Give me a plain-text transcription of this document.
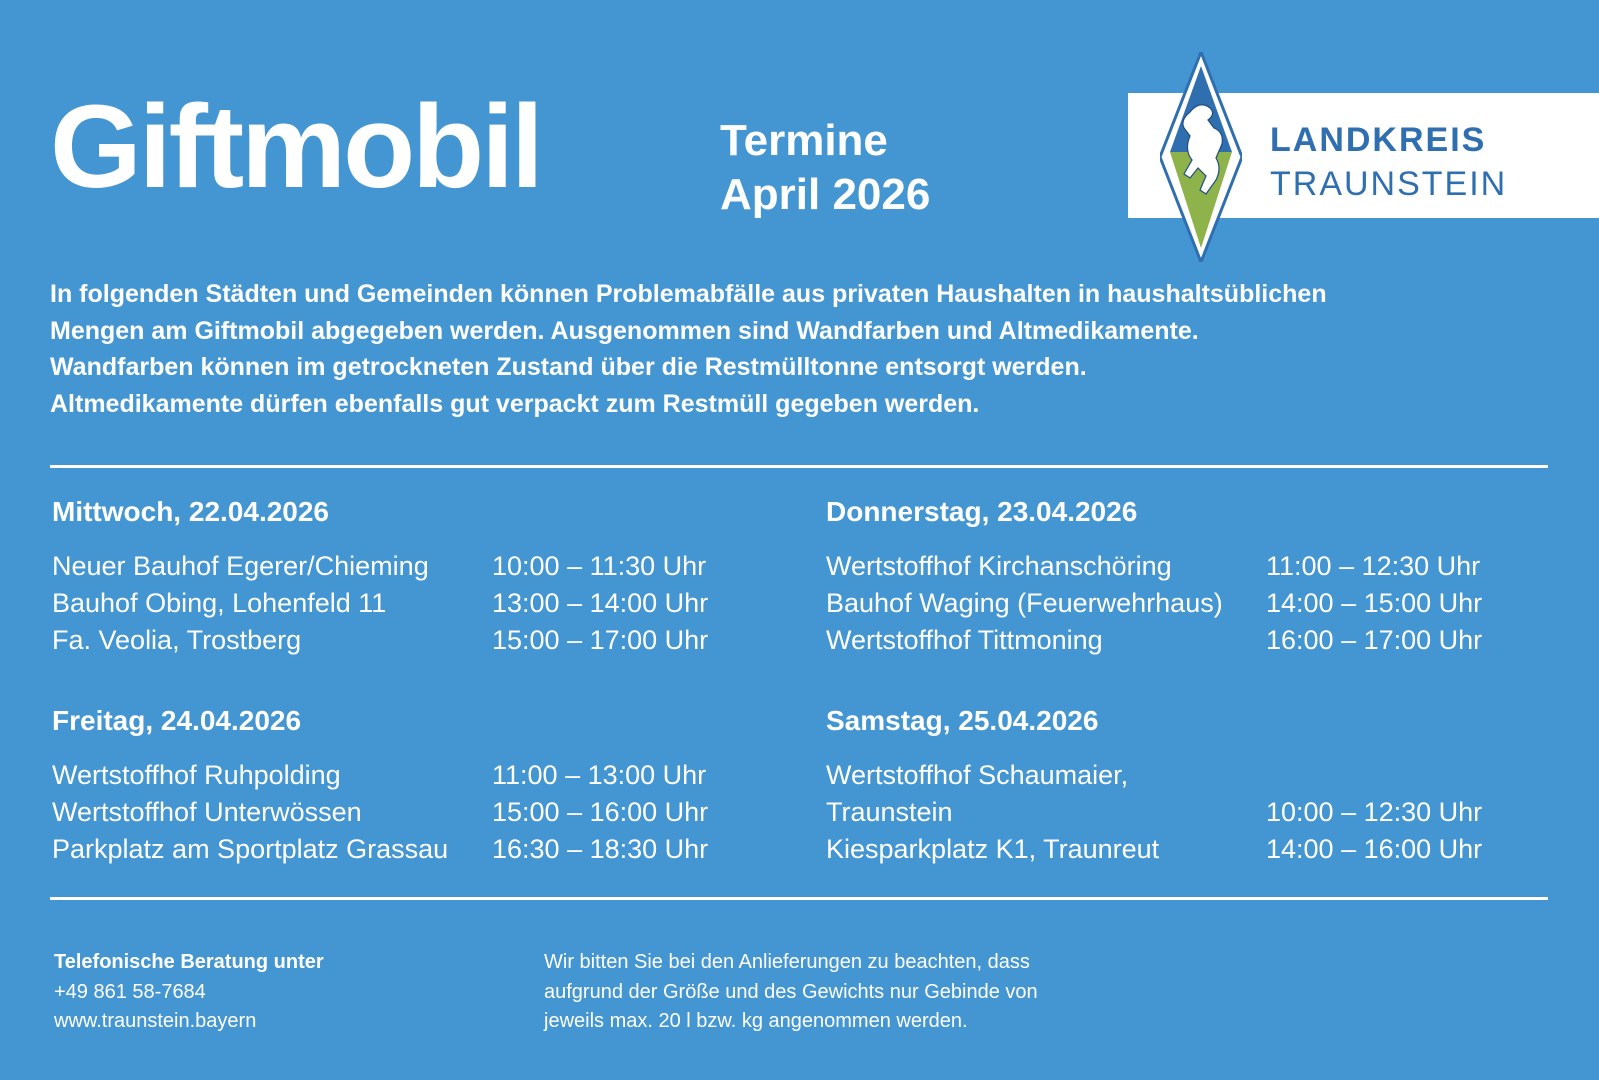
Giftmobil	Termine
April 2026
LANDKREIS
TRAUNSTEIN
In folgenden Städten und Gemeinden können Problemabfälle aus privaten Haushalten in haushaltsüblichen
Mengen am Giftmobil abgegeben werden. Ausgenommen sind Wandfarben und Altmedikamente.
Wandfarben können im getrockneten Zustand über die Restmülltonne entsorgt werden.
Altmedikamente dürfen ebenfalls gut verpackt zum Restmüll gegeben werden.
Mittwoch, 22.04.2026
Neuer Bauhof Egerer/Chieming 10:00 – 11:30 Uhr
Bauhof Obing, Lohenfeld 11	13:00 – 14:00 Uhr
Fa. Veolia, Trostberg	15:00 – 17:00 Uhr
Donnerstag, 23.04.2026
Wertstoffhof Kirchanschöring	11:00 – 12:30 Uhr
Bauhof Waging (Feuerwehrhaus) 14:00 – 15:00 Uhr
Wertstoffhof Tittmoning	16:00 – 17:00 Uhr
Freitag, 24.04.2026
Wertstoffhof Ruhpolding	11:00 – 13:00 Uhr
Wertstoffhof Unterwössen	15:00 – 16:00 Uhr
Parkplatz am Sportplatz Grassau 16:30 – 18:30 Uhr
Samstag, 25.04.2026
Wertstoffhof Schaumaier,
Traunstein	10:00 – 12:30 Uhr
Kiesparkplatz K1, Traunreut	14:00 – 16:00 Uhr
Telefonische Beratung unter
+49 861 58-7684
www.traunstein.bayern
Wir bitten Sie bei den Anlieferungen zu beachten, dass
aufgrund der Größe und des Gewichts nur Gebinde von
jeweils max. 20 l bzw. kg angenommen werden.
